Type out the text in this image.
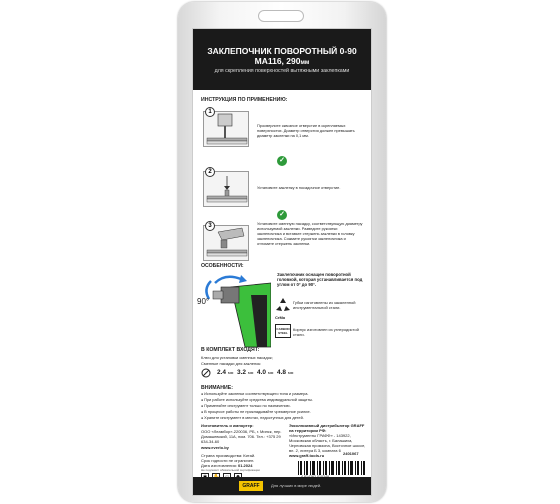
ЗАКЛЕПОЧНИК ПОВОРОТНЫЙ 0-90
МА116, 290мм
для скрепления поверхностей вытяжными заклепками
ИНСТРУКЦИЯ ПО ПРИМЕНЕНИЮ:
1
Просверлите сквозное отверстие в скрепляемых поверхностях. Диаметр отверстия должен превышать диаметр заклепки на 0,1 мм.
✓
2
Установите заклепку в посадочное отверстие.
✓
3	Установите сменную насадку, соответствующую диаметру используемой заклепки. Разведите рукоятки заклепочника и вставьте стержень заклепки в головку заклепочника. Сожмите рукоятки заклепочника и отломите стержень заклепки.
ОСОБЕННОСТИ:
90°
Заклепочник оснащен поворотной головкой, которая устанавливается под углом от 0° до 90°.
CrMo
Губки изготовлены из закаленной инструментальной стали.
CARBON STEEL
Корпус изготовлен из углеродистой стали.
В КОМПЛЕКТ ВХОДЯТ:
Ключ для установки сменных насадок;
Сменные насадки для заклепок:
2.4 мм 3.2 мм 4.0 мм 4.8 мм
ВНИМАНИЕ:
● Используйте заклепки соответствующего типа и размера.
● При работе используйте средства индивидуальной защиты.
● Применяйте инструмент только по назначению.
● В процессе работы не прикладывайте чрезмерное усилие.
● Храните инструмент в местах, недоступных для детей.
Изготовитель и импортер:
ООО «Леамбор»-220036, РБ, г. Минск, пер. Домашевский, 11А, пом. 706. Тел.: +375 29 634-34-60
www.everlo.by
Эксклюзивный дистрибьютор GRAFF на территории РФ:
«Инструменты ГРАФФ» - 143922, Московская область, г. Балашиха, Черновская промзона, Восточное шоссе, вл. 2, литера Б 3, комната 6
www.graff-tools.ru
Страна производства: Китай.
Срок годности не ограничен.
Дата изготовления: 01.2024
Не подлежит обязательной сертификации
2401067
GRAFF	Для лучших в мире людей.
